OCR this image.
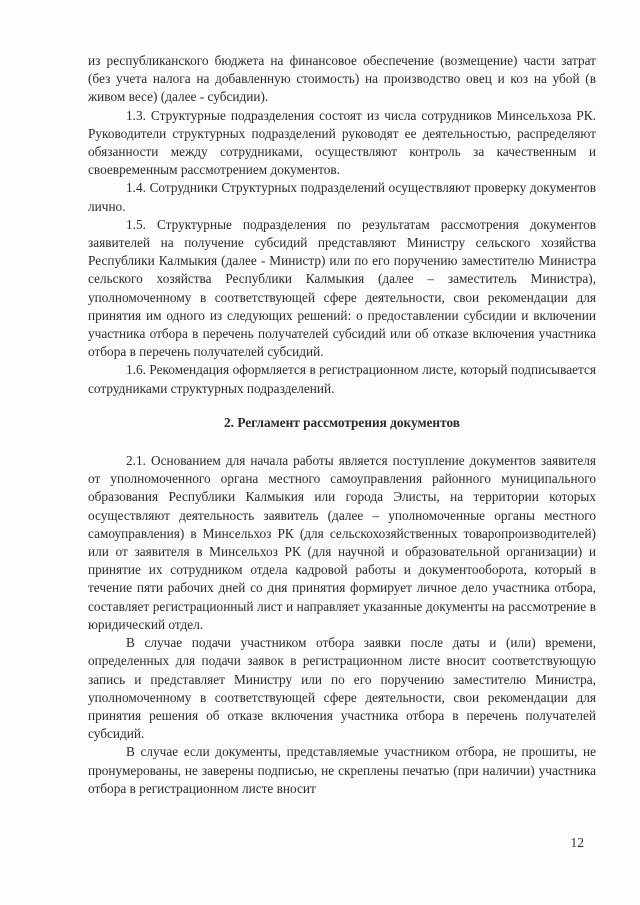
из республиканского бюджета на финансовое обеспечение (возмещение) части затрат (без учета налога на добавленную стоимость) на производство овец и коз на убой (в живом весе) (далее - субсидии).

1.3. Структурные подразделения состоят из числа сотрудников Минсельхоза РК. Руководители структурных подразделений руководят ее деятельностью, распределяют обязанности между сотрудниками, осуществляют контроль за качественным и своевременным рассмотрением документов.

1.4. Сотрудники Структурных подразделений осуществляют проверку документов лично.

1.5. Структурные подразделения по результатам рассмотрения документов заявителей на получение субсидий представляют Министру сельского хозяйства Республики Калмыкия (далее - Министр) или по его поручению заместителю Министра сельского хозяйства Республики Калмыкия (далее – заместитель Министра), уполномоченному в соответствующей сфере деятельности, свои рекомендации для принятия им одного из следующих решений: о предоставлении субсидии и включении участника отбора в перечень получателей субсидий или об отказе включения участника отбора в перечень получателей субсидий.

1.6. Рекомендация оформляется в регистрационном листе, который подписывается сотрудниками структурных подразделений.

2. Регламент рассмотрения документов

2.1. Основанием для начала работы является поступление документов заявителя от уполномоченного органа местного самоуправления районного муниципального образования Республики Калмыкия или города Элисты, на территории которых осуществляют деятельность заявитель (далее – уполномоченные органы местного самоуправления) в Минсельхоз РК (для сельскохозяйственных товаропроизводителей) или от заявителя в Минсельхоз РК (для научной и образовательной организации) и принятие их сотрудником отдела кадровой работы и документооборота, который в течение пяти рабочих дней со дня принятия формирует личное дело участника отбора, составляет регистрационный лист и направляет указанные документы на рассмотрение в юридический отдел.

В случае подачи участником отбора заявки после даты и (или) времени, определенных для подачи заявок в регистрационном листе вносит соответствующую запись и представляет Министру или по его поручению заместителю Министра, уполномоченному в соответствующей сфере деятельности, свои рекомендации для принятия решения об отказе включения участника отбора в перечень получателей субсидий.

В случае если документы, представляемые участником отбора, не прошиты, не пронумерованы, не заверены подписью, не скреплены печатью (при наличии) участника отбора в регистрационном листе вносит

12
